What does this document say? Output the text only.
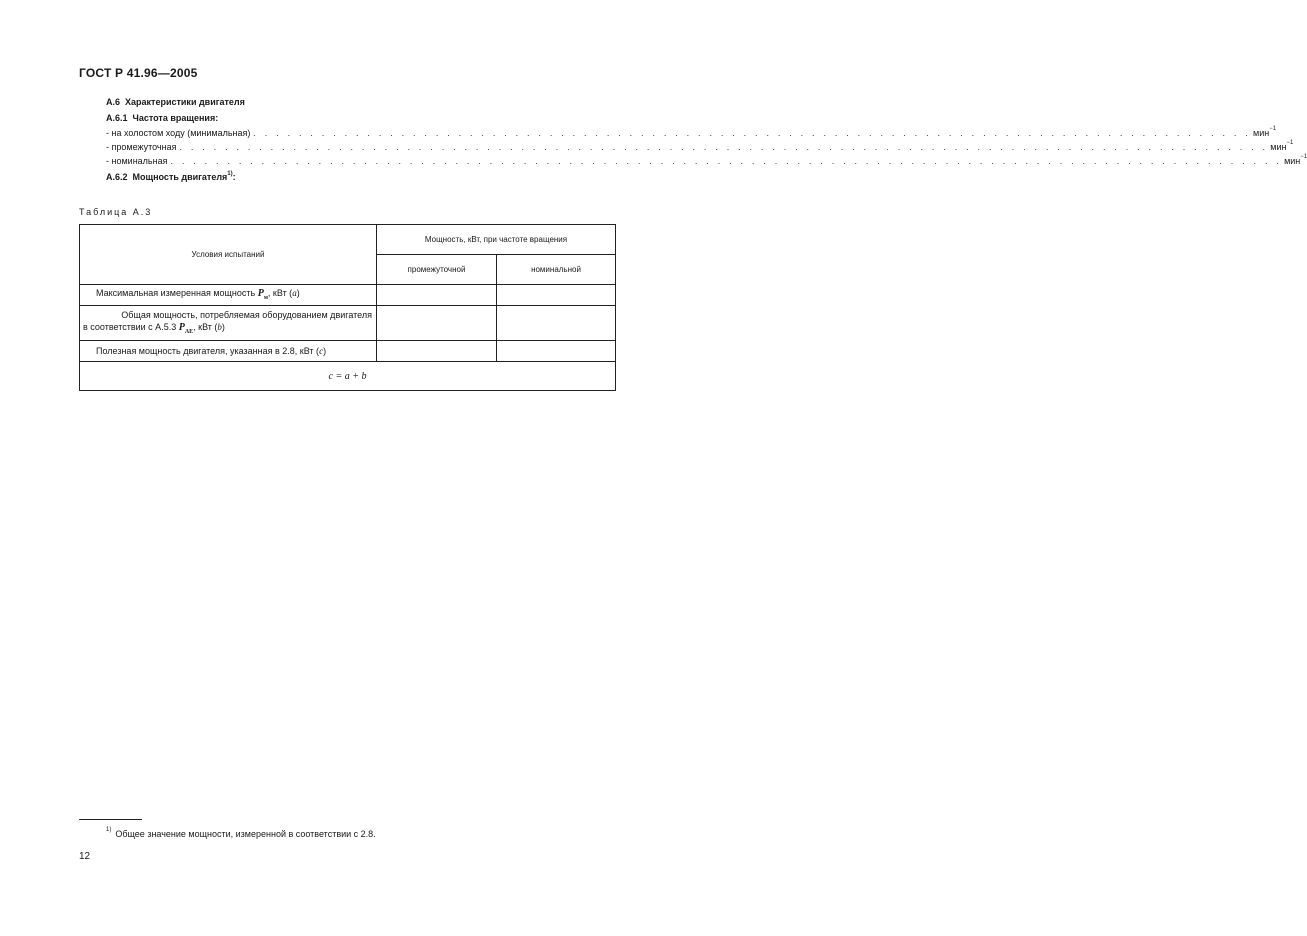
ГОСТ Р 41.96—2005
А.6 Характеристики двигателя
А.6.1 Частота вращения:
- на холостом ходу (минимальная) . . . . . . . . . . . . . . . . . . . . . . . . . . . . . . . . . . . . . . . . . . . . . . . . . . . . . . . . . . . . . . . . . . . . . . . . . . . . . . . . . . . . . . . . мин$^{-1}$
- промежуточная . . . . . . . . . . . . . . . . . . . . . . . . . . . . . . . . . . . . . . . . . . . . . . . . . . . . . . . . . . . . . . . . . . . . . . . . . . . . . . . . . . . . . . . . . . . . . . . . мин$^{-1}$
- номинальная . . . . . . . . . . . . . . . . . . . . . . . . . . . . . . . . . . . . . . . . . . . . . . . . . . . . . . . . . . . . . . . . . . . . . . . . . . . . . . . . . . . . . . . . . . . . . . . . . . мин$^{-1}$
А.6.2 Мощность двигателя$^{1)}$:
Таблица А.3
Условия испытаний	Мощность, кВт, при частоте вращения	
	промежуточной	номинальной
Максимальная измеренная мощность $P_м$, кВт (a)		
Общая мощность, потребляемая оборудованием двигателя

в соответствии с А.5.3 $P_{AE}$, кВт (b)		

Полезная мощность двигателя, указанная в 2.8, кВт (c)		
c = a + b		
$^{1)}$ Общее значение мощности, измеренной в соответствии с 2.8.
12
